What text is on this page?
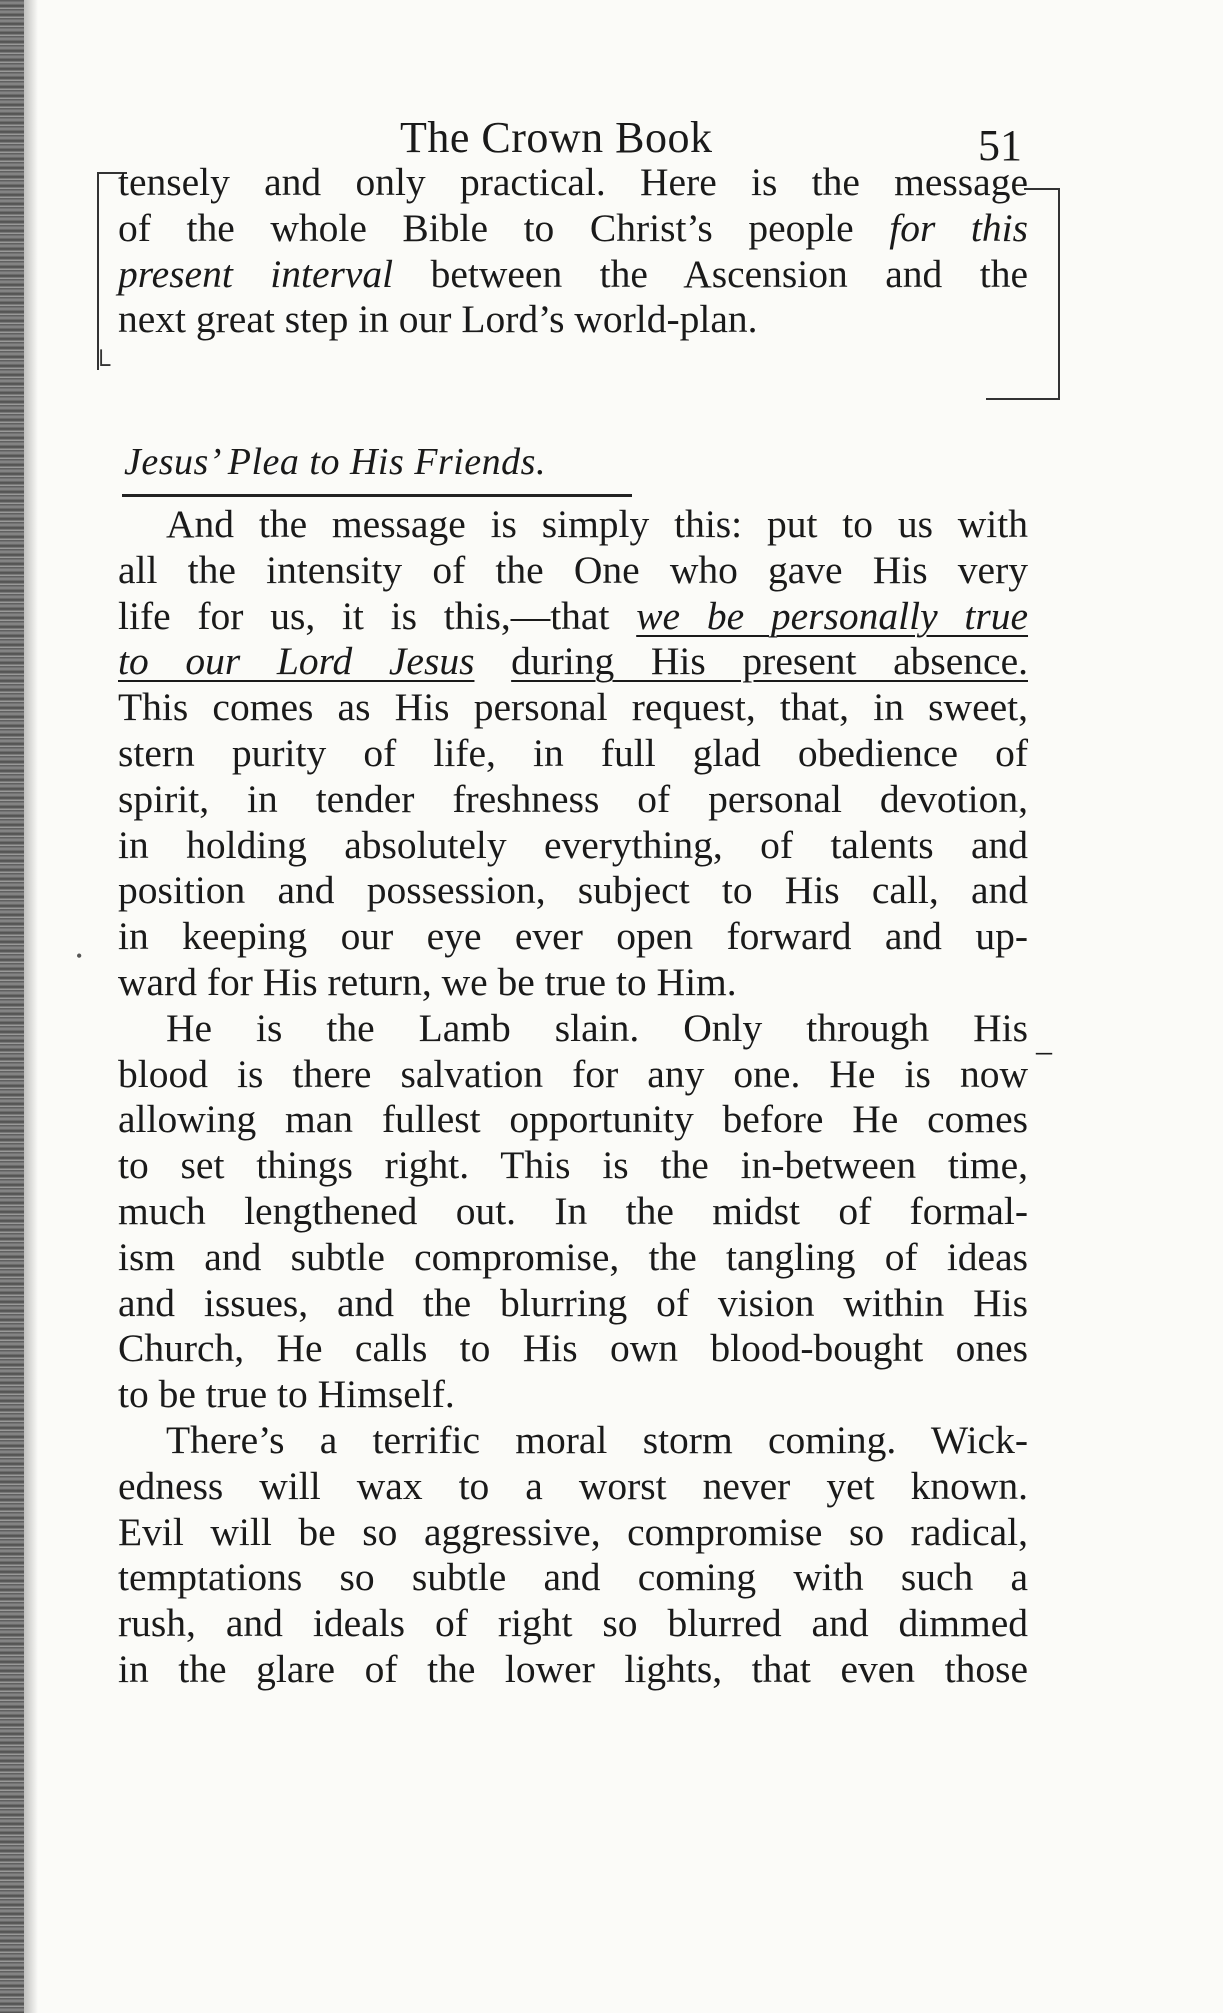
The Crown Book	51
└
tensely and only practical. Here is the message
of the whole Bible to Christ’s people for this
present interval between the Ascension and the
next great step in our Lord’s world-plan.
Jesus’ Plea to His Friends.
And the message is simply this: put to us with
all the intensity of the One who gave His very
life for us, it is this,—that we be personally true
to our Lord Jesus during His present absence.
This comes as His personal request, that, in sweet,
stern purity of life, in full glad obedience of
spirit, in tender freshness of personal devotion,
in holding absolutely everything, of talents and
position and possession, subject to His call, and
in keeping our eye ever open forward and up-
ward for His return, we be true to Him.
He is the Lamb slain. Only through His
blood is there salvation for any one. He is now
allowing man fullest opportunity before He comes
to set things right. This is the in-between time,
much lengthened out. In the midst of formal-
ism and subtle compromise, the tangling of ideas
and issues, and the blurring of vision within His
Church, He calls to His own blood-bought ones
to be true to Himself.
There’s a terrific moral storm coming. Wick-
edness will wax to a worst never yet known.
Evil will be so aggressive, compromise so radical,
temptations so subtle and coming with such a
rush, and ideals of right so blurred and dimmed
in the glare of the lower lights, that even those
–
•
